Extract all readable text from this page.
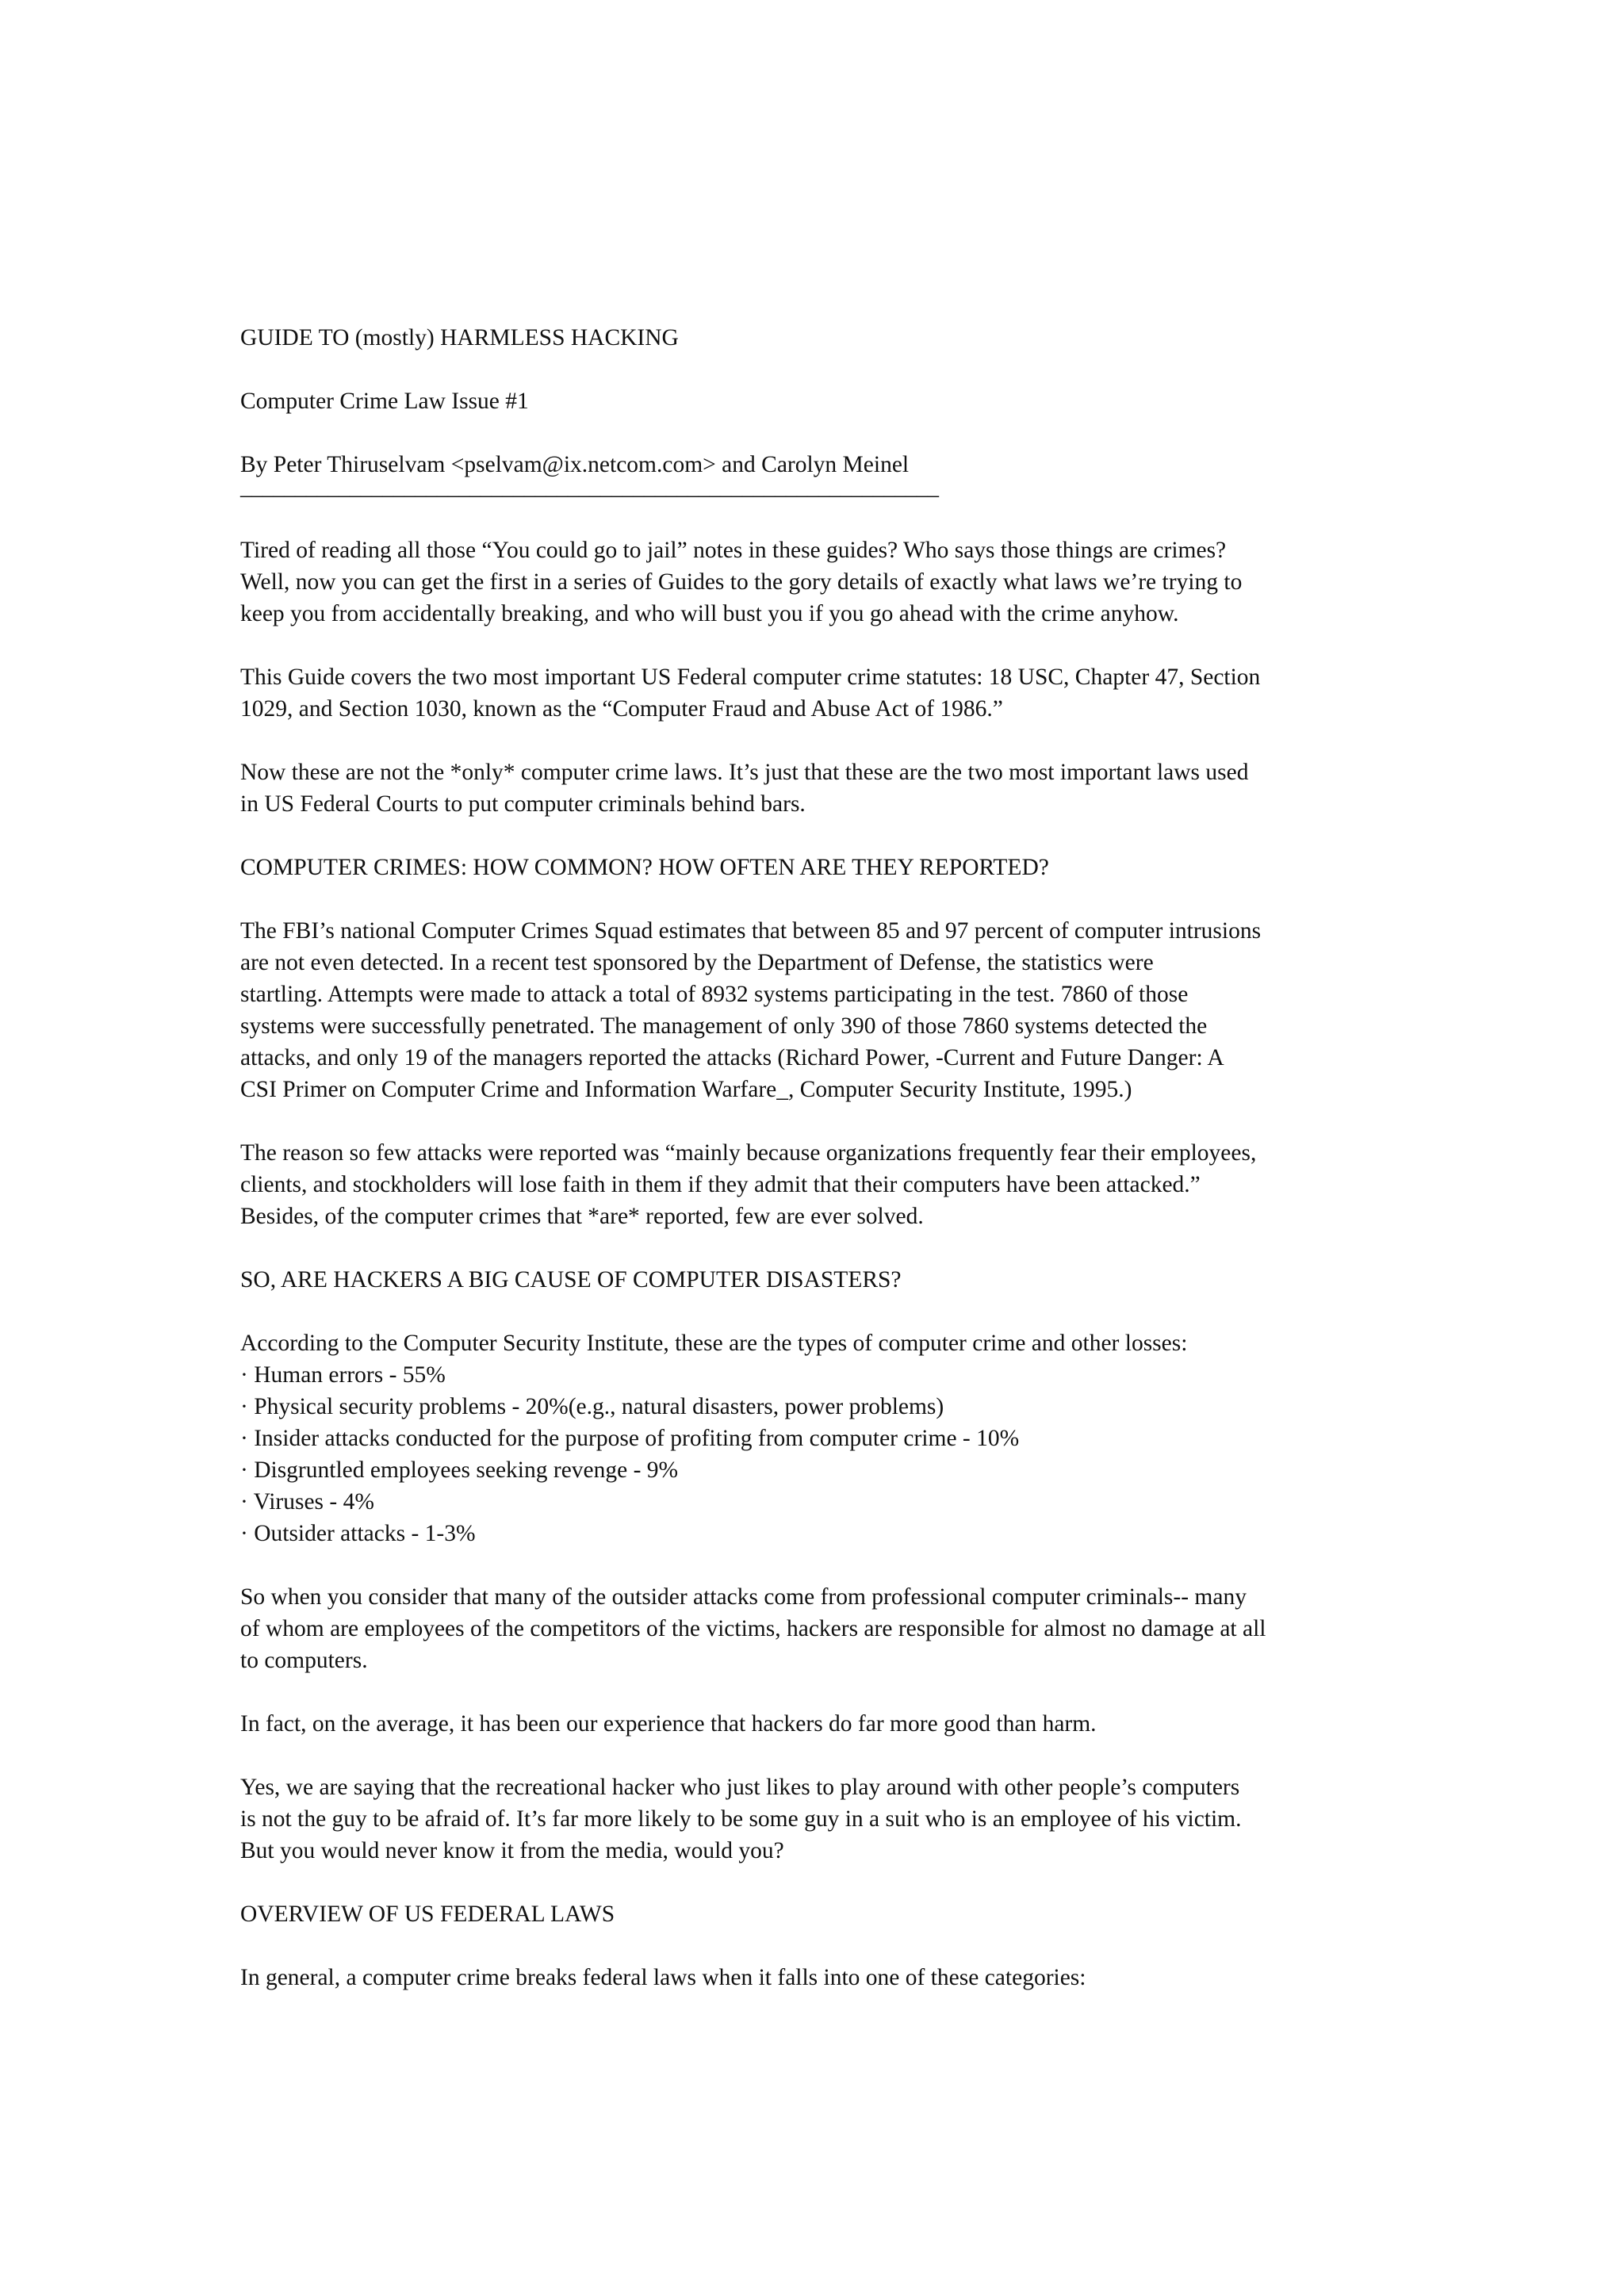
GUIDE TO (mostly) HARMLESS HACKING

Computer Crime Law Issue #1

By Peter Thiruselvam <pselvam@ix.netcom.com> and Carolyn Meinel
________________________________________________________________
Tired of reading all those “You could go to jail” notes in these guides? Who says those things are crimes?
Well, now you can get the first in a series of Guides to the gory details of exactly what laws we’re trying to
keep you from accidentally breaking, and who will bust you if you go ahead with the crime anyhow.
This Guide covers the two most important US Federal computer crime statutes: 18 USC, Chapter 47, Section
1029, and Section 1030, known as the “Computer Fraud and Abuse Act of 1986.”
Now these are not the *only* computer crime laws. It’s just that these are the two most important laws used
in US Federal Courts to put computer criminals behind bars.
COMPUTER CRIMES: HOW COMMON? HOW OFTEN ARE THEY REPORTED?
The FBI’s national Computer Crimes Squad estimates that between 85 and 97 percent of computer intrusions
are not even detected. In a recent test sponsored by the Department of Defense, the statistics were
startling. Attempts were made to attack a total of 8932 systems participating in the test. 7860 of those
systems were successfully penetrated. The management of only 390 of those 7860 systems detected the
attacks, and only 19 of the managers reported the attacks (Richard Power, -Current and Future Danger: A
CSI Primer on Computer Crime and Information Warfare_, Computer Security Institute, 1995.)
The reason so few attacks were reported was “mainly because organizations frequently fear their employees,
clients, and stockholders will lose faith in them if they admit that their computers have been attacked.”
Besides, of the computer crimes that *are* reported, few are ever solved.
SO, ARE HACKERS A BIG CAUSE OF COMPUTER DISASTERS?
According to the Computer Security Institute, these are the types of computer crime and other losses:
· Human errors - 55%
· Physical security problems - 20%(e.g., natural disasters, power problems)
· Insider attacks conducted for the purpose of profiting from computer crime - 10%
· Disgruntled employees seeking revenge - 9%
· Viruses - 4%
· Outsider attacks - 1-3%
So when you consider that many of the outsider attacks come from professional computer criminals-- many
of whom are employees of the competitors of the victims, hackers are responsible for almost no damage at all
to computers.
In fact, on the average, it has been our experience that hackers do far more good than harm.
Yes, we are saying that the recreational hacker who just likes to play around with other people’s computers
is not the guy to be afraid of. It’s far more likely to be some guy in a suit who is an employee of his victim.
But you would never know it from the media, would you?
OVERVIEW OF US FEDERAL LAWS
In general, a computer crime breaks federal laws when it falls into one of these categories:
